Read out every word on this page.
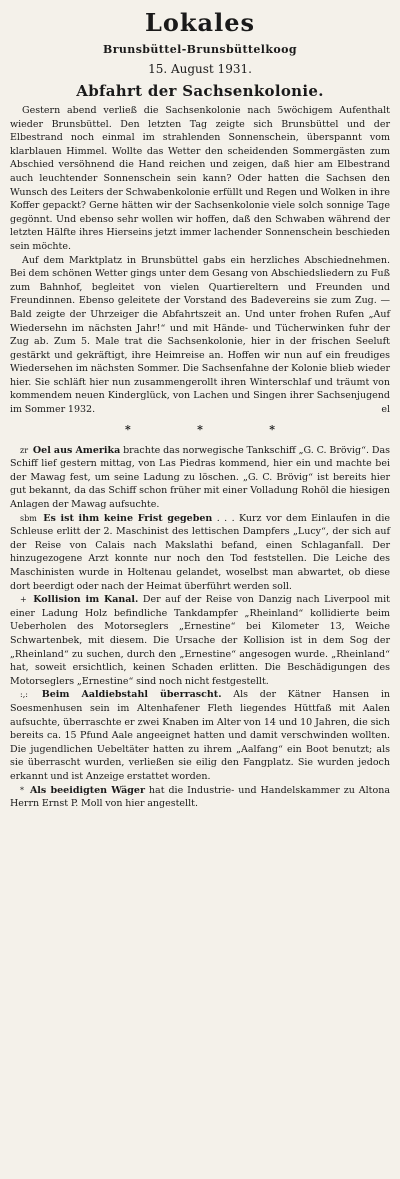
Lokales
Brunsbüttel-Brunsbüttelkoog
15. August 1931.
Abfahrt der Sachsenkolonie.

Gestern abend verließ die Sachsenkolonie nach 5wöchigem Aufenthalt wieder Brunsbüttel. Den letzten Tag zeigte sich Brunsbüttel und der Elbestrand noch einmal im strahlenden Sonnenschein, überspannt vom klarblauen Himmel. Wollte das Wetter den scheidenden Sommergästen zum Abschied versöhnend die Hand reichen und zeigen, daß hier am Elbestrand auch leuchtender Sonnenschein sein kann? Oder hatten die Sachsen den Wunsch des Leiters der Schwabenkolonie erfüllt und Regen und Wolken in ihre Koffer gepackt? Gerne hätten wir der Sachsenkolonie viele solch sonnige Tage gegönnt. Und ebenso sehr wollen wir hoffen, daß den Schwaben während der letzten Hälfte ihres Hierseins jetzt immer lachender Sonnenschein beschieden sein möchte.

Auf dem Marktplatz in Brunsbüttel gabs ein herzliches Abschiednehmen. Bei dem schönen Wetter gings unter dem Gesang von Abschiedsliedern zu Fuß zum Bahnhof, begleitet von vielen Quartiereltern und Freunden und Freundinnen. Ebenso geleitete der Vorstand des Badevereins sie zum Zug. — Bald zeigte der Uhrzeiger die Abfahrtszeit an. Und unter frohen Rufen „Auf Wiedersehn im nächsten Jahr!“ und mit Hände- und Tücherwinken fuhr der Zug ab. Zum 5. Male trat die Sachsenkolonie, hier in der frischen Seeluft gestärkt und gekräftigt, ihre Heimreise an. Hoffen wir nun auf ein freudiges Wiedersehen im nächsten Sommer. Die Sachsenfahne der Kolonie blieb wieder hier. Sie schläft hier nun zusammengerollt ihren Winterschlaf und träumt von kommendem neuen Kinderglück, von Lachen und Singen ihrer Sachsenjugend im Sommer 1932.	el

*	*	*

zr Oel aus Amerika brachte das norwegische Tankschiff „G. C. Brövig“. Das Schiff lief gestern mittag, von Las Piedras kommend, hier ein und machte bei der Mawag fest, um seine Ladung zu löschen. „G. C. Brövig“ ist bereits hier gut bekannt, da das Schiff schon früher mit einer Volladung Rohöl die hiesigen Anlagen der Mawag aufsuchte.

sbm Es ist ihm keine Frist gegeben . . . Kurz vor dem Einlaufen in die Schleuse erlitt der 2. Maschinist des lettischen Dampfers „Lucy“, der sich auf der Reise von Calais nach Makslathi befand, einen Schlaganfall. Der hinzugezogene Arzt konnte nur noch den Tod feststellen. Die Leiche des Maschinisten wurde in Holtenau gelandet, woselbst man abwartet, ob diese dort beerdigt oder nach der Heimat überführt werden soll.

+ Kollision im Kanal. Der auf der Reise von Danzig nach Liverpool mit einer Ladung Holz befindliche Tankdampfer „Rheinland“ kollidierte beim Ueberholen des Motorseglers „Ernestine“ bei Kilometer 13, Weiche Schwartenbek, mit diesem. Die Ursache der Kollision ist in dem Sog der „Rheinland“ zu suchen, durch den „Ernestine“ angesogen wurde. „Rheinland“ hat, soweit ersichtlich, keinen Schaden erlitten. Die Beschädigungen des Motorseglers „Ernestine“ sind noch nicht festgestellt.

:,: Beim Aaldiebstahl überrascht. Als der Kätner Hansen in Soesmenhusen sein im Altenhafener Fleth liegendes Hüttfaß mit Aalen aufsuchte, überraschte er zwei Knaben im Alter von 14 und 10 Jahren, die sich bereits ca. 15 Pfund Aale angeeignet hatten und damit verschwinden wollten. Die jugendlichen Uebeltäter hatten zu ihrem „Aalfang“ ein Boot benutzt; als sie überrascht wurden, verließen sie eilig den Fangplatz. Sie wurden jedoch erkannt und ist Anzeige erstattet worden.

* Als beeidigten Wäger hat die Industrie- und Handelskammer zu Altona Herrn Ernst P. Moll von hier angestellt.
